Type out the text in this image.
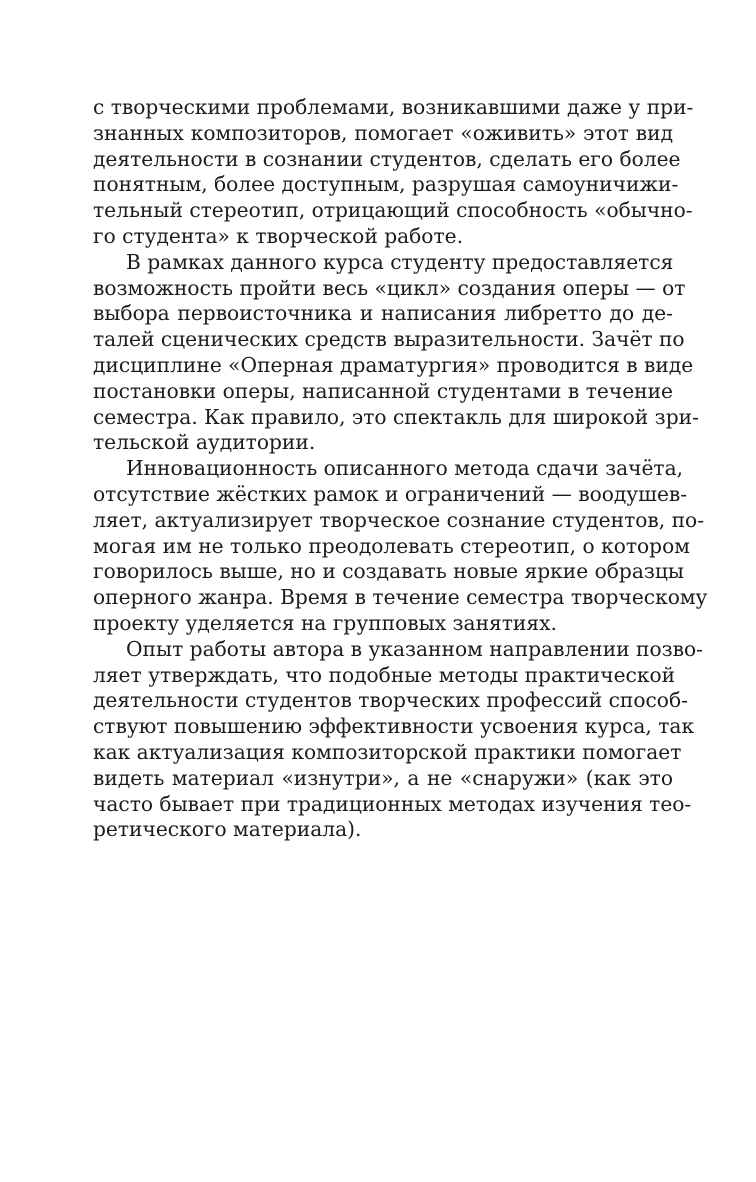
с творческими проблемами, возникавшими даже у при-
знанных композиторов, помогает «оживить» этот вид
деятельности в сознании студентов, сделать его более
понятным, более доступным, разрушая самоуничижи-
тельный стереотип, отрицающий способность «обычно-
го студента» к творческой работе.
В рамках данного курса студенту предоставляется
возможность пройти весь «цикл» создания оперы — от
выбора первоисточника и написания либретто до де-
талей сценических средств выразительности. Зачёт по
дисциплине «Оперная драматургия» проводится в виде
постановки оперы, написанной студентами в течение
семестра. Как правило, это спектакль для широкой зри-
тельской аудитории.
Инновационность описанного метода сдачи зачёта,
отсутствие жёстких рамок и ограничений — воодушев-
ляет, актуализирует творческое сознание студентов, по-
могая им не только преодолевать стереотип, о котором
говорилось выше, но и создавать новые яркие образцы
оперного жанра. Время в течение семестра творческому
проекту уделяется на групповых занятиях.
Опыт работы автора в указанном направлении позво-
ляет утверждать, что подобные методы практической
деятельности студентов творческих профессий способ-
ствуют повышению эффективности усвоения курса, так
как актуализация композиторской практики помогает
видеть материал «изнутри», а не «снаружи» (как это
часто бывает при традиционных методах изучения тео-
ретического материала).
